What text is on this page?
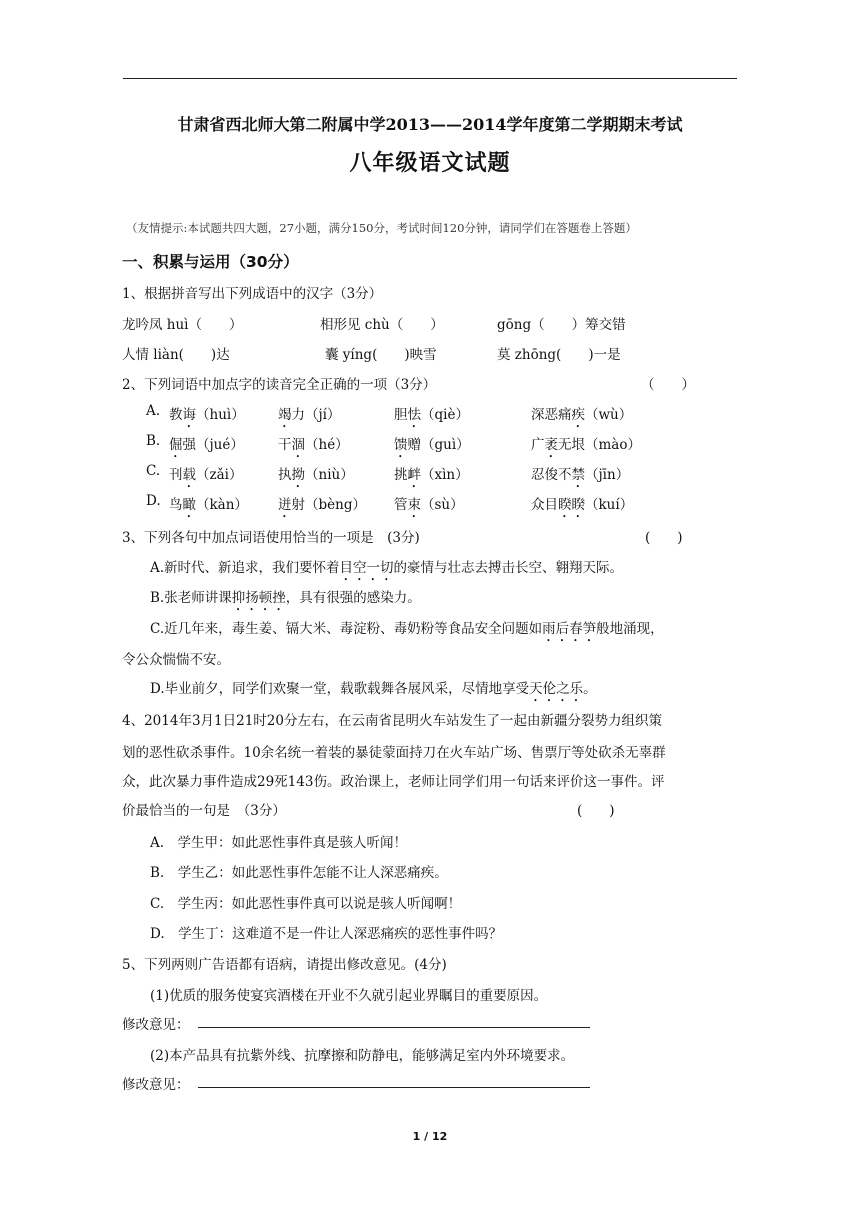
甘肃省西北师大第二附属中学2013——2014学年度第二学期期末考试
八年级语文试题
（友情提示:本试题共四大题，27小题，满分150分，考试时间120分钟，请同学们在答题卷上答题）
一、积累与运用（30分）
1、根据拼音写出下列成语中的汉字（3分）
龙吟凤 huì（　　）	相形见 chù（　　）	gōng（　　）筹交错
人情 liàn(　　)达	囊 yíng(　　)映雪	莫 zhōng(　　)一是
2、下列词语中加点字的读音完全正确的一项（3分）	（　　）
A. 教诲（huì） 竭力（jí）	胆怯（qiè）	深恶痛疾（wù）
B. 倔强（jué）	干涸（hé）	馈赠（guì）	广袤无垠（mào）
C. 刊载（zǎi）	执拗（niù）	挑衅（xìn）	忍俊不禁（jīn）
D. 鸟瞰（kàn） 迸射（bèng） 管束（sù）	众目睽睽（kuí）
3、下列各句中加点词语使用恰当的一项是　(3分)	(　　)
A.新时代、新追求，我们要怀着目空一切的豪情与壮志去搏击长空、翱翔天际。
B.张老师讲课抑扬顿挫，具有很强的感染力。
C.近几年来，毒生姜、镉大米、毒淀粉、毒奶粉等食品安全问题如雨后春笋般地涌现，
令公众惴惴不安。
D.毕业前夕，同学们欢聚一堂，载歌载舞各展风采，尽情地享受天伦之乐。
4、2014年3月1日21时20分左右，在云南省昆明火车站发生了一起由新疆分裂势力组织策
划的恶性砍杀事件。10余名统一着装的暴徒蒙面持刀在火车站广场、售票厅等处砍杀无辜群
众，此次暴力事件造成29死143伤。政治课上，老师让同学们用一句话来评价这一事件。评
价最恰当的一句是　（3分）	(　　)
A.　学生甲：如此恶性事件真是骇人听闻！
B.　学生乙：如此恶性事件怎能不让人深恶痛疾。
C.　学生丙：如此恶性事件真可以说是骇人听闻啊！
D.　学生丁：这难道不是一件让人深恶痛疾的恶性事件吗？
5、下列两则广告语都有语病，请提出修改意见。(4分)
(1)优质的服务使宴宾酒楼在开业不久就引起业界瞩目的重要原因。
修改意见：
(2)本产品具有抗紫外线、抗摩擦和防静电，能够满足室内外环境要求。
修改意见：
1 / 12
